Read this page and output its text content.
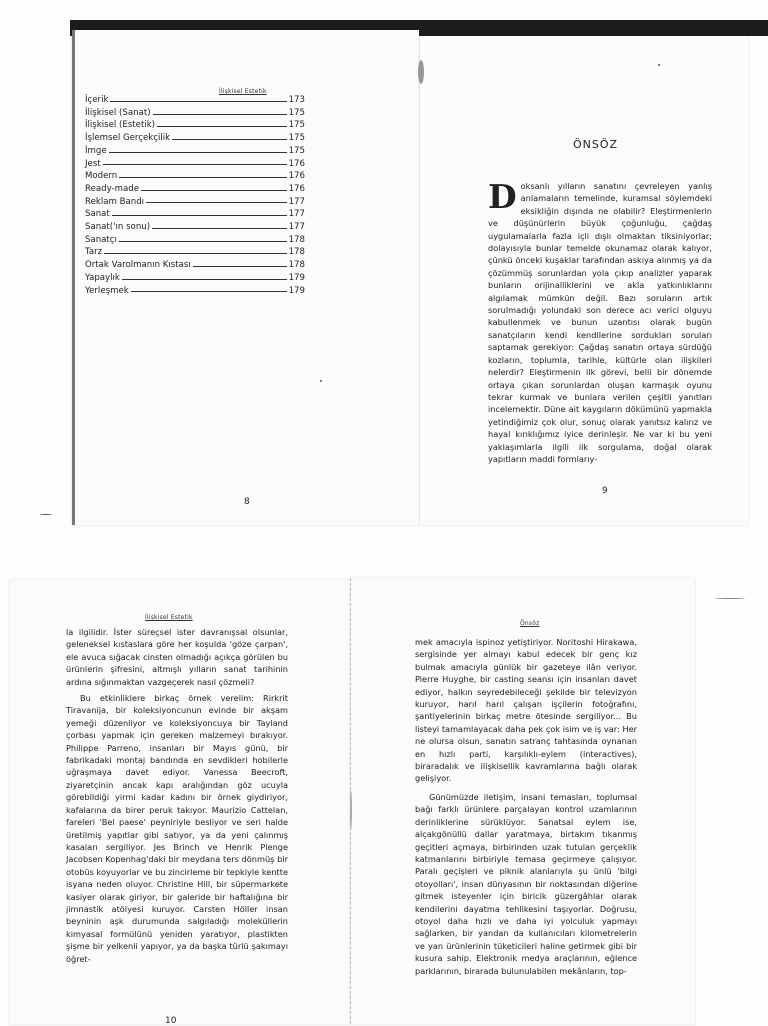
İlişkisel Estetik
İçerik	173
İlişkisel (Sanat)	175
İlişkisel (Estetik)	175
İşlemsel Gerçekçilik	175
İmge	175
Jest	176
Modern	176
Ready-made	176
Reklam Bandı	177
Sanat	177
Sanat('ın sonu)	177
Sanatçı	178
Tarz	178
Ortak Varolmanın Kıstası	178
Yapaylık	179
Yerleşmek	179
8
ÖNSÖZ
Doksanlı yılların sanatını çevreleyen yanlış anlamaların temelinde, kuramsal söylemdeki eksikliğin dışında ne olabilir? Eleştirmenlerin ve düşünürlerin büyük çoğunluğu, çağdaş uygulamalarla fazla içli dışlı olmaktan tiksiniyorlar; dolayısıyla bunlar temelde okunamaz olarak kalıyor, çünkü önceki kuşaklar tarafından askıya alınmış ya da çözümmüş sorunlardan yola çıkıp analizler yaparak bunların orijinalliklerini ve akla yatkınlıklarını algılamak mümkün değil. Bazı soruların artık sorulmadığı yolundaki son derece acı verici olguyu kabullenmek ve bunun uzantısı olarak bugün sanatçıların kendi kendilerine sordukları soruları saptamak gerekiyor: Çağdaş sanatın ortaya sürdüğü kozların, toplumla, tarihle, kültürle olan ilişkileri nelerdir? Eleştirmenin ilk görevi, belli bir dönemde ortaya çıkan sorunlardan oluşan karmaşık oyunu tekrar kurmak ve bunlara verilen çeşitli yanıtları incelemektir. Düne ait kaygıların dökümünü yapmakla yetindiğimiz çok olur, sonuç olarak yanıtsız kalırız ve hayal kırıklığımız iyice derinleşir. Ne var ki bu yeni yaklaşımlarla ilgili ilk sorgulama, doğal olarak yapıtların maddi formlarıy-
9
İlişkisel Estetik

la ilgilidir. İster süreçsel ister davranışsal olsunlar, geleneksel kıstaslara göre her koşulda 'göze çarpan', ele avuca sığacak cinsten olmadığı açıkça görülen bu ürünlerin şifresini, altmışlı yılların sanat tarihinin ardına sığınmaktan vazgeçerek nasıl çözmeli?

Bu etkinliklere birkaç örnek verelim: Rirkrit Tiravanija, bir koleksiyoncunun evinde bir akşam yemeği düzenliyor ve koleksiyoncuya bir Tayland çorbası yapmak için gereken malzemeyi bırakıyor. Philippe Parreno, insanları bir Mayıs günü, bir fabrikadaki montaj bandında en sevdikleri hobilerle uğraşmaya davet ediyor. Vanessa Beecroft, ziyaretçinin ancak kapı aralığından göz ucuyla görebildiği yirmi kadar kadını bir örnek giydiriyor, kafalarına da birer peruk takıyor. Maurizio Cattelan, fareleri 'Bel paese' peyniriyle besliyor ve seri halde üretilmiş yapıtlar gibi satıyor, ya da yeni çalınmış kasaları sergiliyor. Jes Brinch ve Henrik Plenge Jacobsen Kopenhag'daki bir meydana ters dönmüş bir otobüs koyuyorlar ve bu zincirleme bir tepkiyle kentte isyana neden oluyor. Christine Hill, bir süpermarkete kasiyer olarak giriyor, bir galeride bir haftalığına bir jimnastik atölyesi kuruyor. Carsten Höller insan beyninin aşk durumunda salgıladığı moleküllerin kimyasal formülünü yeniden yaratıyor, plastikten şişme bir yelkenli yapıyor, ya da başka türlü şakımayı öğret-

10
Önsöz

mek amacıyla ispinoz yetiştiriyor. Noritoshi Hirakawa, sergisinde yer almayı kabul edecek bir genç kız bulmak amacıyla günlük bir gazeteye ilân veriyor. Pierre Huyghe, bir casting seansı için insanları davet ediyor, halkın seyredebileceği şekilde bir televizyon kuruyor, harıl harıl çalışan işçilerin fotoğrafını, şantiyelerinin birkaç metre ötesinde sergiliyor... Bu listeyi tamamlayacak daha pek çok isim ve iş var: Her ne olursa olsun, sanatın satranç tahtasında oynanan en hızlı parti, karşılıklı-eylem (interactives), biraradalık ve ilişkisellik kavramlarına bağlı olarak gelişiyor.

Günümüzde iletişim, insani temasları, toplumsal bağı farklı ürünlere parçalayan kontrol uzamlarının derinliklerine sürüklüyor. Sanatsal eylem ise, alçakgönüllü dallar yaratmaya, birtakım tıkanmış geçitleri açmaya, birbirinden uzak tutulan gerçeklik katmanlarını birbiriyle temasa geçirmeye çalışıyor. Paralı geçişleri ve piknik alanlarıyla şu ünlü 'bilgi otoyolları', insan dünyasının bir noktasından diğerine gitmek isteyenler için biricik güzergâhlar olarak kendilerini dayatma tehlikesini taşıyorlar. Doğrusu, otoyol daha hızlı ve daha iyi yolculuk yapmayı sağlarken, bir yandan da kullanıcıları kilometrelerin ve yan ürünlerinin tüketicileri haline getirmek gibi bir kusura sahip. Elektronik medya araçlarının, eğlence parklarının, birarada bulunulabilen mekânların, top-
